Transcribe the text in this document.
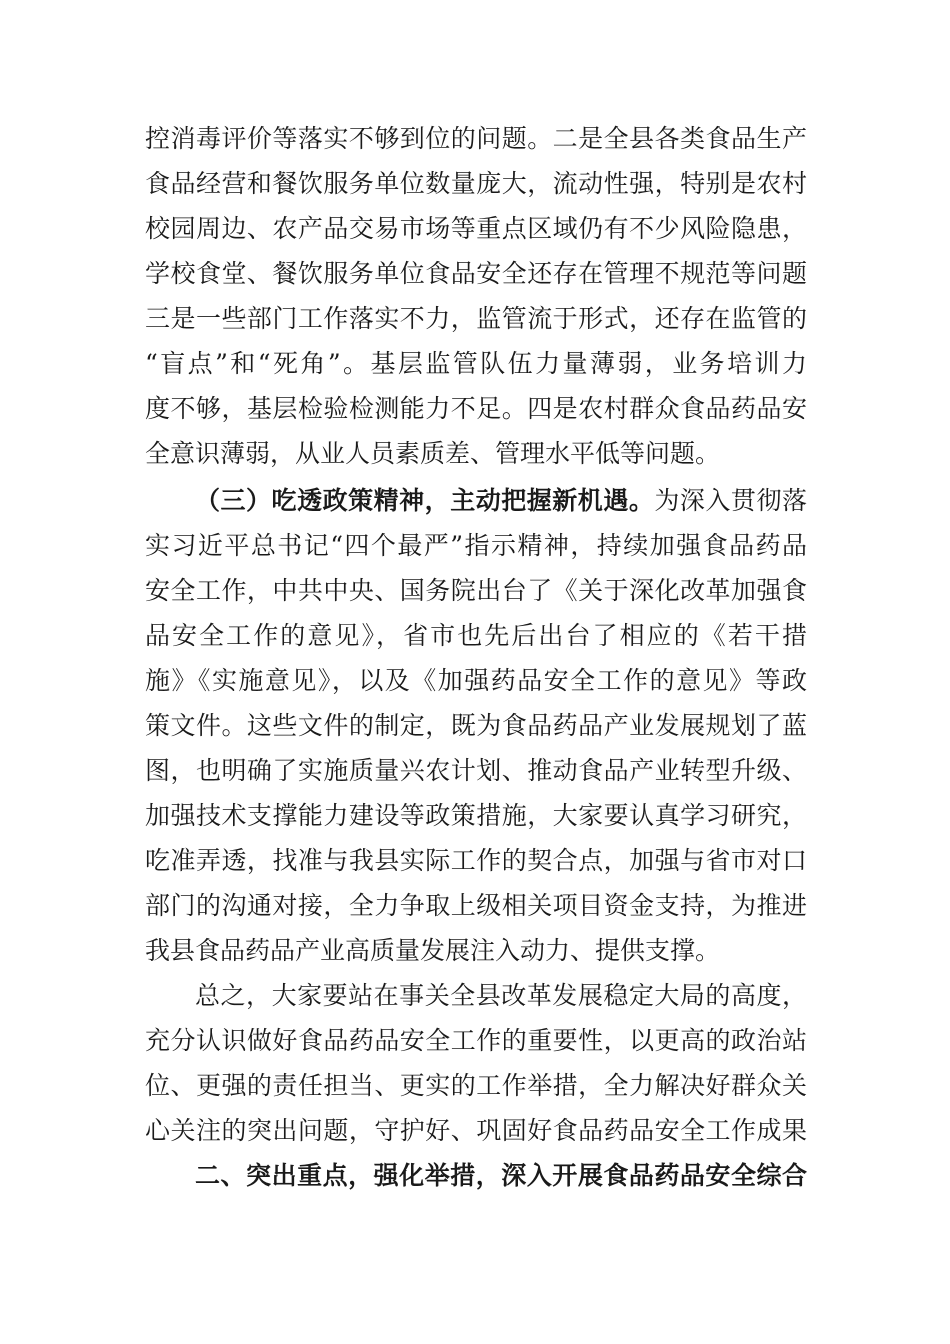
控消毒评价等落实不够到位的问题。二是全县各类食品生产
食品经营和餐饮服务单位数量庞大，流动性强，特别是农村
校园周边、农产品交易市场等重点区域仍有不少风险隐患，
学校食堂、餐饮服务单位食品安全还存在管理不规范等问题
三是一些部门工作落实不力，监管流于形式，还存在监管的
“盲点”和“死角”。基层监管队伍力量薄弱，业务培训力
度不够，基层检验检测能力不足。四是农村群众食品药品安
全意识薄弱，从业人员素质差、管理水平低等问题。
（三）吃透政策精神，主动把握新机遇。为深入贯彻落
实习近平总书记“四个最严”指示精神，持续加强食品药品
安全工作，中共中央、国务院出台了《关于深化改革加强食
品安全工作的意见》，省市也先后出台了相应的《若干措
施》《实施意见》，以及《加强药品安全工作的意见》等政
策文件。这些文件的制定，既为食品药品产业发展规划了蓝
图，也明确了实施质量兴农计划、推动食品产业转型升级、
加强技术支撑能力建设等政策措施，大家要认真学习研究，
吃准弄透，找准与我县实际工作的契合点，加强与省市对口
部门的沟通对接，全力争取上级相关项目资金支持，为推进
我县食品药品产业高质量发展注入动力、提供支撑。
总之，大家要站在事关全县改革发展稳定大局的高度，
充分认识做好食品药品安全工作的重要性，以更高的政治站
位、更强的责任担当、更实的工作举措，全力解决好群众关
心关注的突出问题，守护好、巩固好食品药品安全工作成果
二、突出重点，强化举措，深入开展食品药品安全综合
